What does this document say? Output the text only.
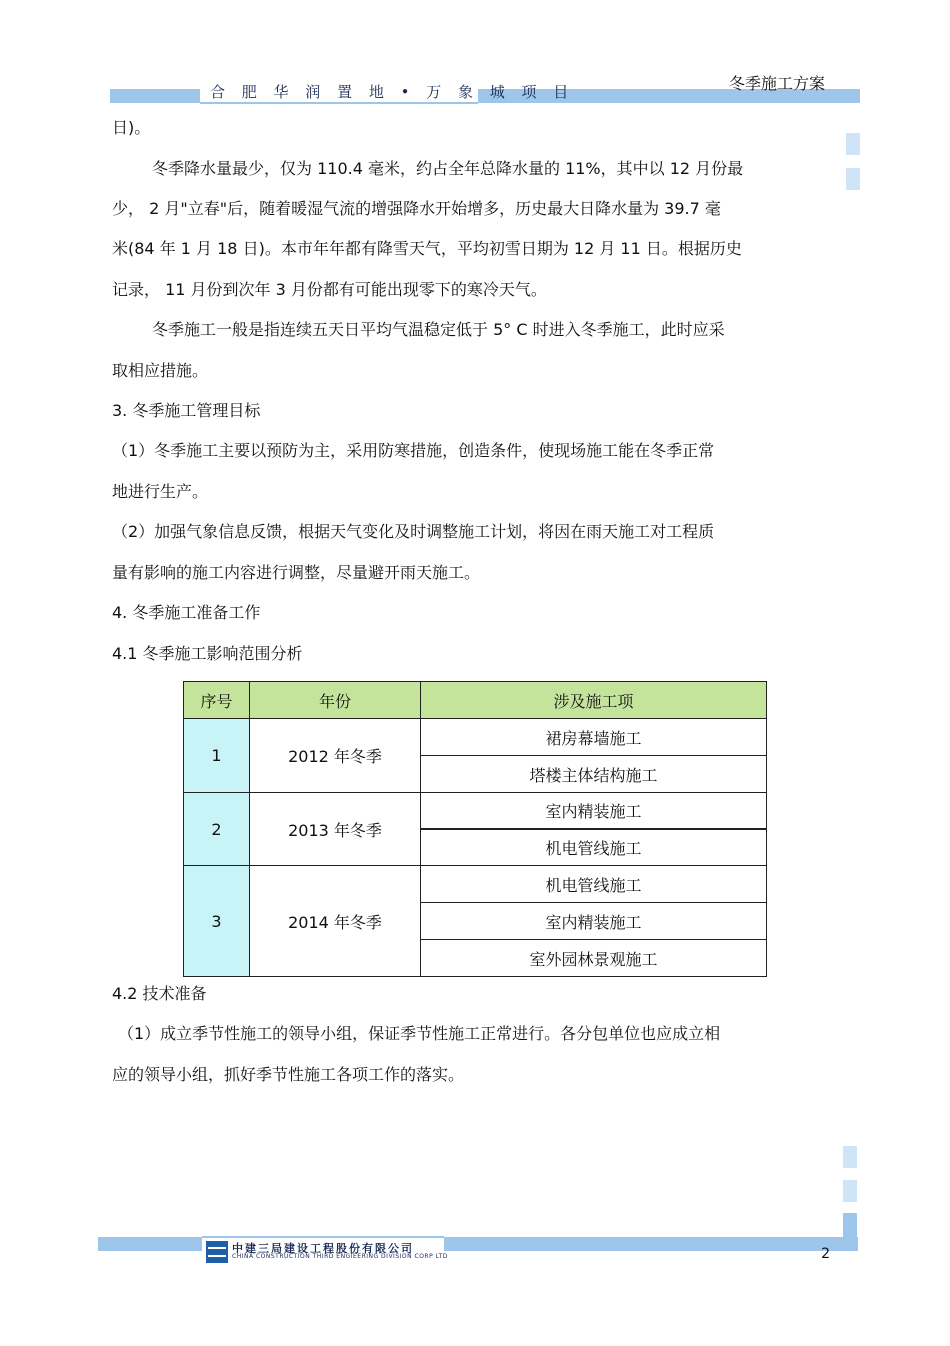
合 肥 华 润 置 地 • 万 象 城 项 目	冬季施工方案
日)。
冬季降水量最少，仅为 110.4 毫米，约占全年总降水量的 11%，其中以 12 月份最
少， 2 月"立春"后，随着暖湿气流的增强降水开始增多，历史最大日降水量为 39.7 毫
米(84 年 1 月 18 日)。本市年年都有降雪天气，平均初雪日期为 12 月 11 日。根据历史
记录， 11 月份到次年 3 月份都有可能出现零下的寒冷天气。
冬季施工一般是指连续五天日平均气温稳定低于 5° C 时进入冬季施工，此时应采
取相应措施。
3. 冬季施工管理目标
（1）冬季施工主要以预防为主，采用防寒措施，创造条件，使现场施工能在冬季正常
地进行生产。
（2）加强气象信息反馈，根据天气变化及时调整施工计划，将因在雨天施工对工程质
量有影响的施工内容进行调整，尽量避开雨天施工。
4. 冬季施工准备工作
4.1 冬季施工影响范围分析
序号	年份	涉及施工项
1	2012 年冬季	裙房幕墙施工
		塔楼主体结构施工
2	2013 年冬季	室内精装施工
		机电管线施工
3	2014 年冬季	机电管线施工
		室内精装施工
		室外园林景观施工
4.2 技术准备
（1）成立季节性施工的领导小组，保证季节性施工正常进行。各分包单位也应成立相
应的领导小组，抓好季节性施工各项工作的落实。
中建三局建设工程股份有限公司
CHINA CONSTRUCTION THIRD ENGIEERING DIVISION CORP LTD	2
